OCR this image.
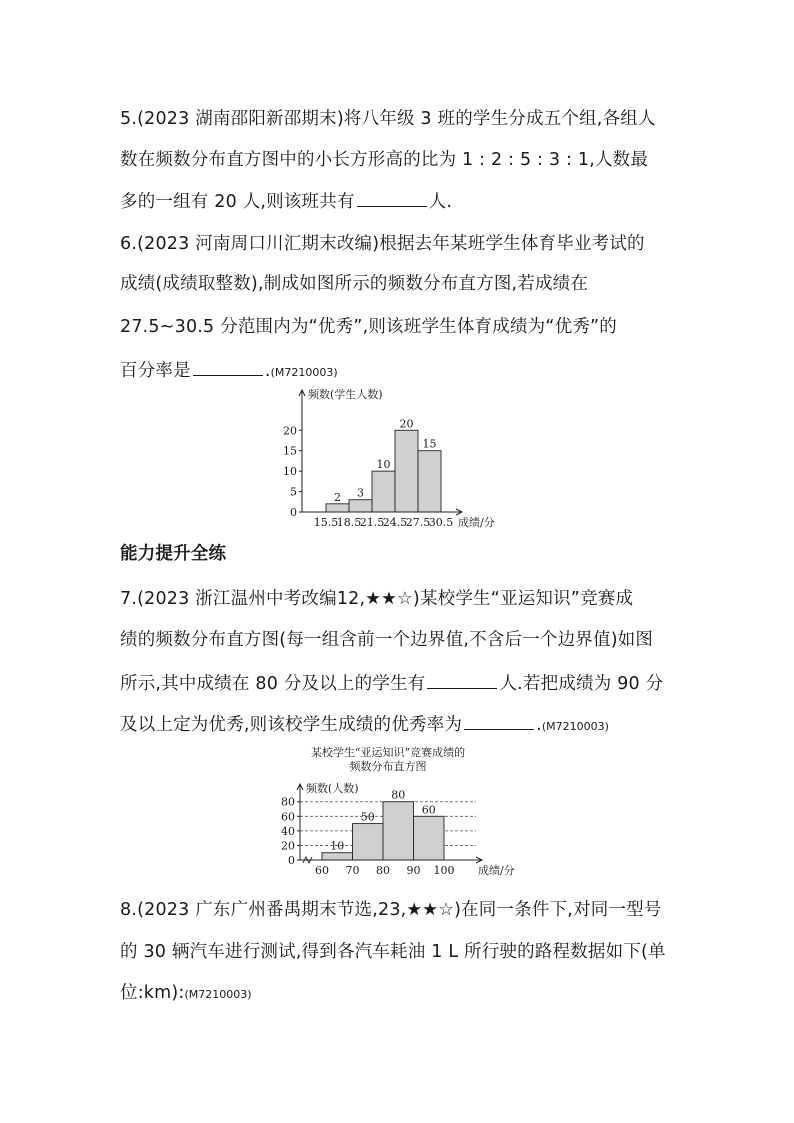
5.(2023 湖南邵阳新邵期末)将八年级 3 班的学生分成五个组,各组人
数在频数分布直方图中的小长方形高的比为 1 : 2 : 5 : 3 : 1,人数最
多的一组有 20 人,则该班共有	人.
6.(2023 河南周口川汇期末改编)根据去年某班学生体育毕业考试的
成绩(成绩取整数),制成如图所示的频数分布直方图,若成绩在
27.5~30.5 分范围内为“优秀”,则该班学生体育成绩为“优秀”的
百分率是	.(M7210003)
2 3
10
20
15
频数(学生人数)
成绩/分
0
5
10
15
20
15.5
18.5
21.5
24.5
27.5
30.5
能力提升全练
7.(2023 浙江温州中考改编12,★★☆)某校学生“亚运知识”竞赛成
绩的频数分布直方图(每一组含前一个边界值,不含后一个边界值)如图
所示,其中成绩在 80 分及以上的学生有	人.若把成绩为 90 分
及以上定为优秀,则该校学生成绩的优秀率为	.(M7210003)
某校学生“亚运知识”竞赛成绩的
频数分布直方图
10
50
80
60
频数(人数)
成绩/分
0
20
40
60
80
60 70 80 90 100
8.(2023 广东广州番禺期末节选,23,★★☆)在同一条件下,对同一型号
的 30 辆汽车进行测试,得到各汽车耗油 1 L 所行驶的路程数据如下(单
位:km):(M7210003)
